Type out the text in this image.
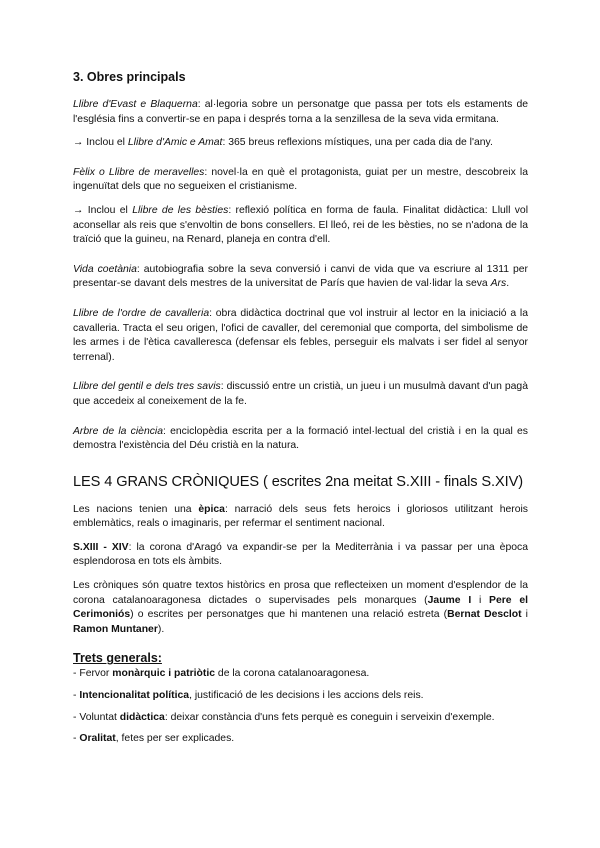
3. Obres principals

Llibre d'Evast e Blaquerna: al·legoria sobre un personatge que passa per tots els estaments de l'església fins a convertir-se en papa i després torna a la senzillesa de la seva vida ermitana.

→ Inclou el Llibre d'Amic e Amat: 365 breus reflexions místiques, una per cada dia de l'any.

Fèlix o Llibre de meravelles: novel·la en què el protagonista, guiat per un mestre, descobreix la ingenuïtat dels que no segueixen el cristianisme.

→ Inclou el Llibre de les bèsties: reflexió política en forma de faula. Finalitat didàctica: Llull vol aconsellar als reis que s'envoltin de bons consellers. El lleó, rei de les bèsties, no se n'adona de la traïció que la guineu, na Renard, planeja en contra d'ell.

Vida coetània: autobiografia sobre la seva conversió i canvi de vida que va escriure al 1311 per presentar-se davant dels mestres de la universitat de París que havien de val·lidar la seva Ars.

Llibre de l'ordre de cavalleria: obra didàctica doctrinal que vol instruir al lector en la iniciació a la cavalleria. Tracta el seu origen, l'ofici de cavaller, del ceremonial que comporta, del simbolisme de les armes i de l'ètica cavalleresca (defensar els febles, perseguir els malvats i ser fidel al senyor terrenal).

Llibre del gentil e dels tres savis: discussió entre un cristià, un jueu i un musulmà davant d'un pagà que accedeix al coneixement de la fe.

Arbre de la ciència: enciclopèdia escrita per a la formació intel·lectual del cristià i en la qual es demostra l'existència del Déu cristià en la natura.

LES 4 GRANS CRÒNIQUES ( escrites 2na meitat S.XIII - finals S.XIV)

Les nacions tenien una èpica: narració dels seus fets heroics i gloriosos utilitzant herois emblemàtics, reals o imaginaris, per refermar el sentiment nacional.

S.XIII - XIV: la corona d'Aragó va expandir-se per la Mediterrània i va passar per una època esplendorosa en tots els àmbits.

Les cròniques són quatre textos històrics en prosa que reflecteixen un moment d'esplendor de la corona catalanoaragonesa dictades o supervisades pels monarques (Jaume I i Pere el Cerimoniós) o escrites per personatges que hi mantenen una relació estreta (Bernat Desclot i Ramon Muntaner).

Trets generals:

- Fervor monàrquic i patriòtic de la corona catalanoaragonesa.

- Intencionalitat política, justificació de les decisions i les accions dels reis.

- Voluntat didàctica: deixar constància d'uns fets perquè es coneguin i serveixin d'exemple.

- Oralitat, fetes per ser explicades.
